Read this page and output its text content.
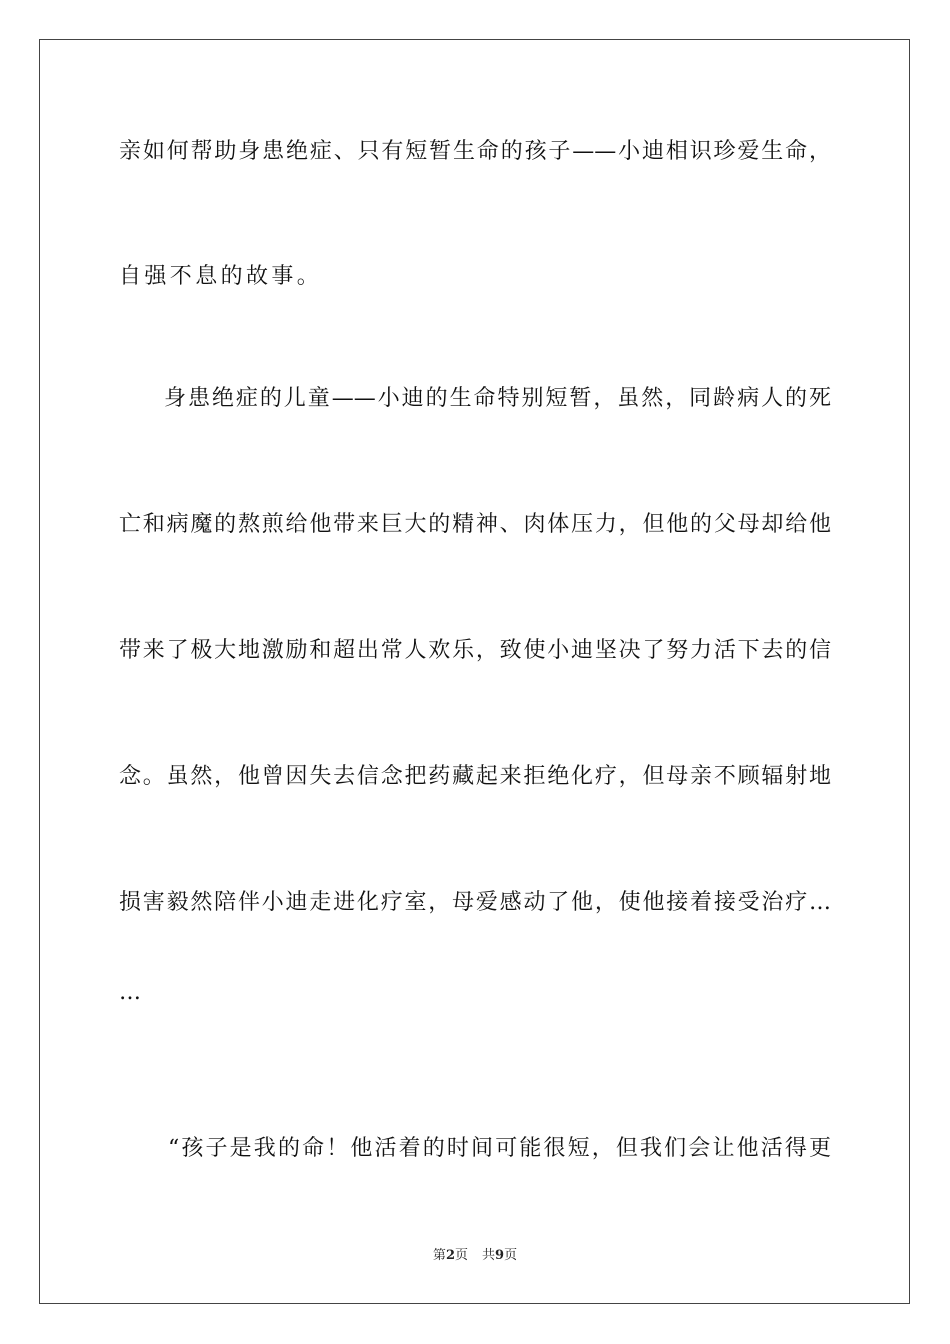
亲如何帮助身患绝症、只有短暂生命的孩子——小迪相识珍爱生命，
自强不息的故事。
身患绝症的儿童——小迪的生命特别短暂，虽然，同龄病人的死
亡和病魔的熬煎给他带来巨大的精神、肉体压力，但他的父母却给他
带来了极大地激励和超出常人欢乐，致使小迪坚决了努力活下去的信
念。虽然，他曾因失去信念把药藏起来拒绝化疗，但母亲不顾辐射地
损害毅然陪伴小迪走进化疗室，母爱感动了他，使他接着接受治疗…
…
“孩子是我的命！他活着的时间可能很短，但我们会让他活得更
第2页 共9页
